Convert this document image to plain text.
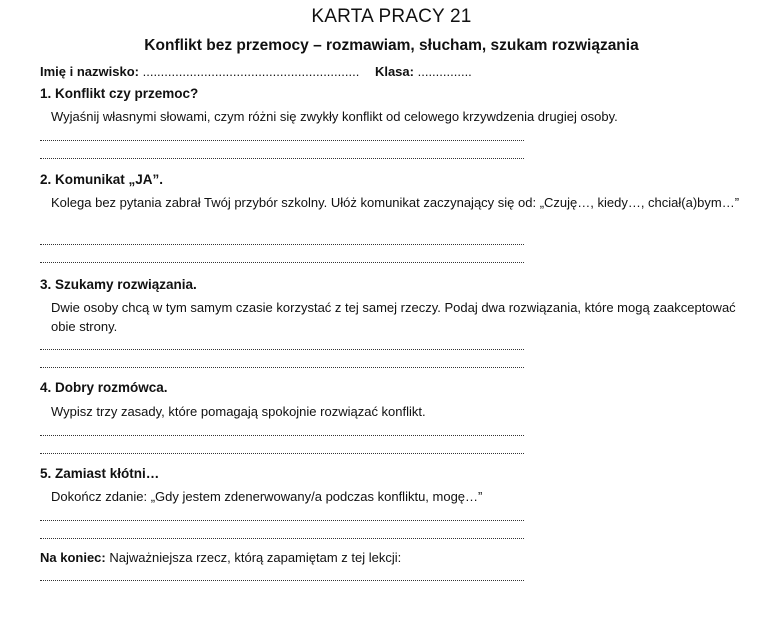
KARTA PRACY 21
Konflikt bez przemocy – rozmawiam, słucham, szukam rozwiązania
Imię i nazwisko: ............................................................ Klasa: ...............
1. Konflikt czy przemoc?
Wyjaśnij własnymi słowami, czym różni się zwykły konflikt od celowego krzywdzenia drugiej osoby.
2. Komunikat „JA”.
Kolega bez pytania zabrał Twój przybór szkolny. Ułóż komunikat zaczynający się od: „Czuję…, kiedy…, chciał(a)bym…”
3. Szukamy rozwiązania.
Dwie osoby chcą w tym samym czasie korzystać z tej samej rzeczy. Podaj dwa rozwiązania, które mogą zaakceptować obie strony.
4. Dobry rozmówca.
Wypisz trzy zasady, które pomagają spokojnie rozwiązać konflikt.
5. Zamiast kłótni…
Dokończ zdanie: „Gdy jestem zdenerwowany/a podczas konfliktu, mogę…”
Na koniec: Najważniejsza rzecz, którą zapamiętam z tej lekcji:
